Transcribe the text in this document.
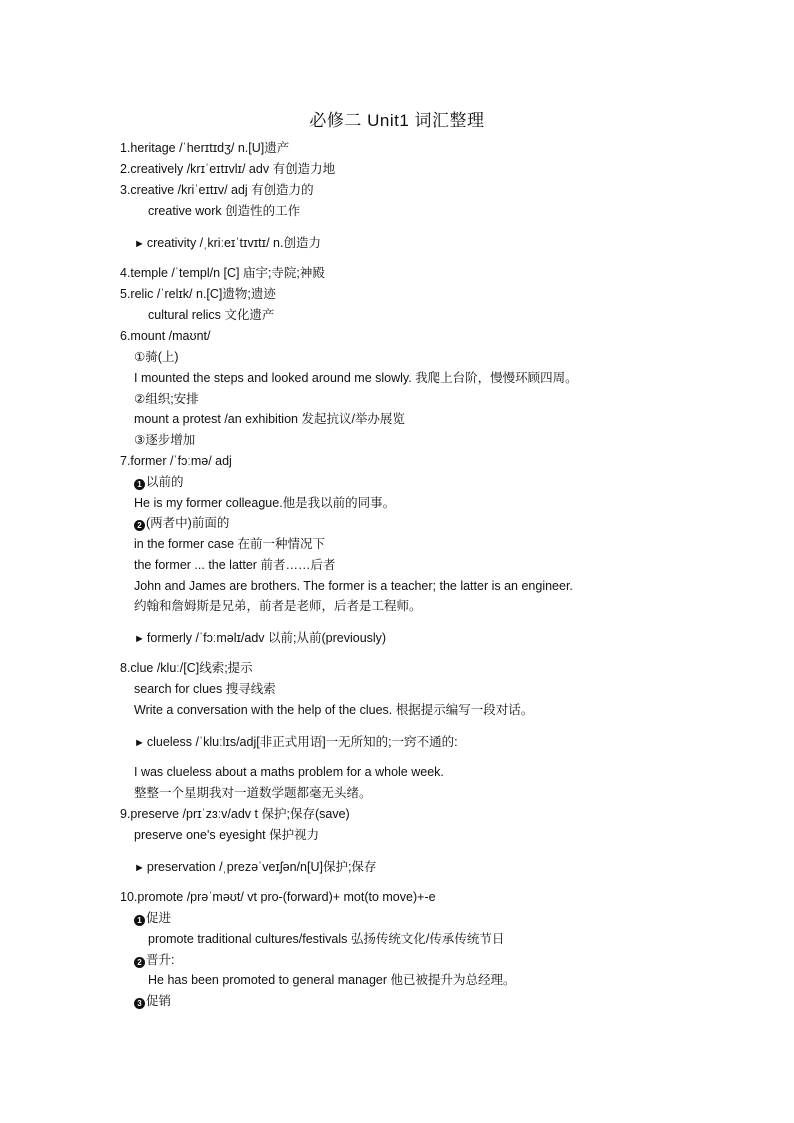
必修二 Unit1 词汇整理
1.heritage /ˈherɪtɪdʒ/ n.[U]遗产
2.creatively /krɪˈeɪtɪvlɪ/ adv 有创造力地
3.creative /kriˈeɪtɪv/ adj 有创造力的
creative work 创造性的工作
► creativity /ˌkriːeɪˈtɪvɪtɪ/ n.创造力
4.temple /ˈtempl/n [C] 庙宇;寺院;神殿
5.relic /ˈrelɪk/ n.[C]遗物;遗迹
cultural relics 文化遗产
6.mount /maʊnt/
①骑(上)
I mounted the steps and looked around me slowly. 我爬上台阶，慢慢环顾四周。
②组织;安排
mount a protest /an exhibition 发起抗议/举办展览
③逐步增加
7.former /ˈfɔːmə/ adj
1 以前的
He is my former colleague.他是我以前的同事。
2 (两者中)前面的
in the former case 在前一种情况下
the former ... the latter 前者……后者
John and James are brothers. The former is a teacher; the latter is an engineer.
约翰和詹姆斯是兄弟，前者是老师，后者是工程师。
► formerly /ˈfɔːməlɪ/adv 以前;从前(previously)
8.clue /kluː/[C]线索;提示
search for clues 搜寻线索
Write a conversation with the help of the clues. 根据提示编写一段对话。
► clueless /ˈkluːlɪs/adj[非正式用语]一无所知的;一窍不通的:
I was clueless about a maths problem for a whole week.
整整一个星期我对一道数学题都毫无头绪。
9.preserve /prɪˈzɜːv/adv t 保护;保存(save)
preserve one's eyesight 保护视力
► preservation /ˌprezəˈveɪʃən/n[U]保护;保存
10.promote /prəˈməʊt/ vt pro-(forward)+ mot(to move)+-e
1 促进
promote traditional cultures/festivals 弘扬传统文化/传承传统节日
2 晋升:
He has been promoted to general manager 他已被提升为总经理。
3 促销
